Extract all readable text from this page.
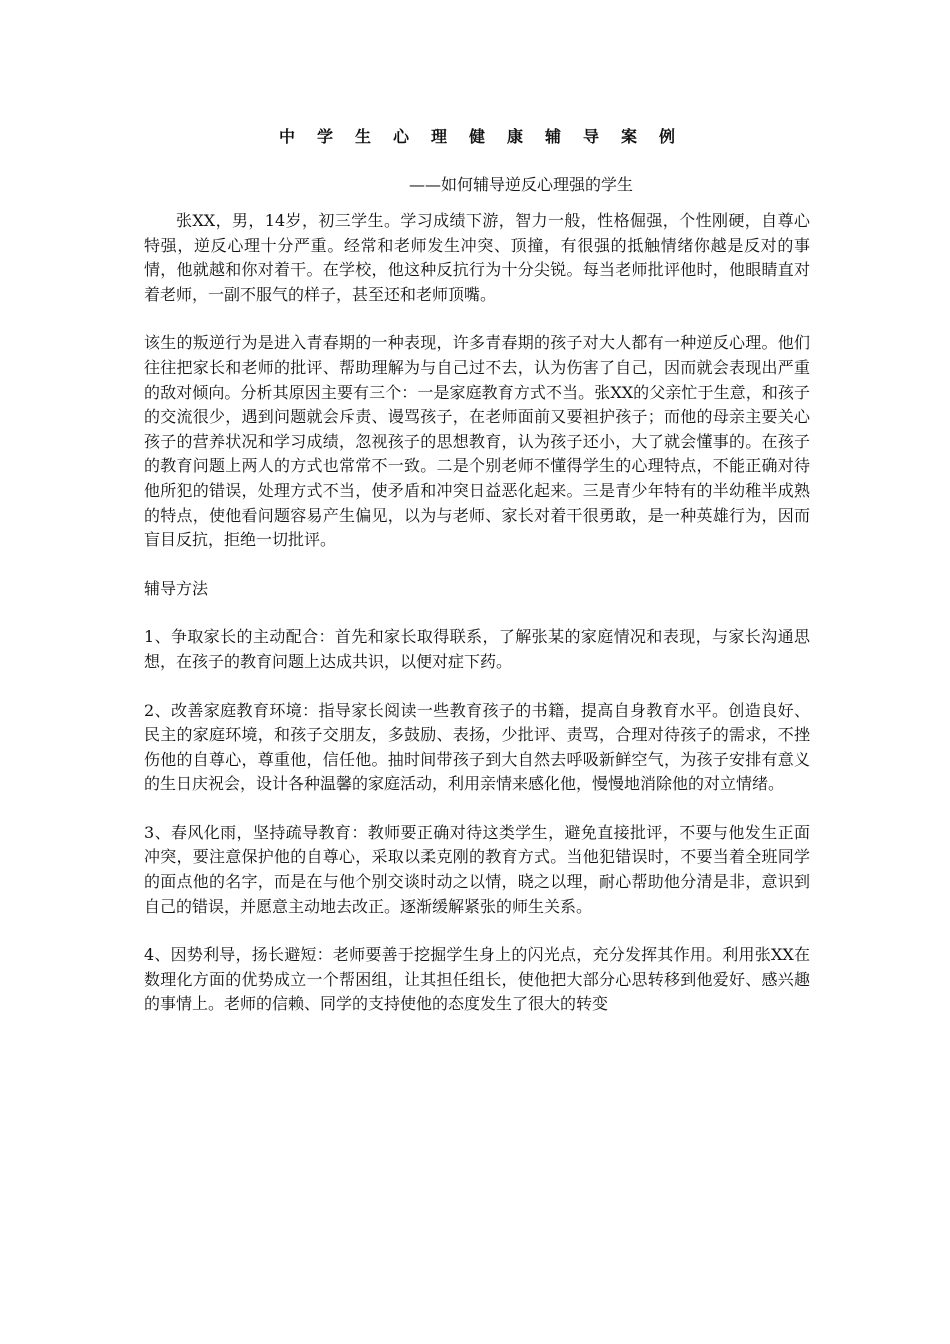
中学生心理健康辅导案例
——如何辅导逆反心理强的学生

张XX，男，14岁，初三学生。学习成绩下游，智力一般，性格倔强，个性刚硬，自尊心特强，逆反心理十分严重。经常和老师发生冲突、顶撞，有很强的抵触情绪你越是反对的事情，他就越和你对着干。在学校，他这种反抗行为十分尖锐。每当老师批评他时，他眼睛直对着老师，一副不服气的样子，甚至还和老师顶嘴。

该生的叛逆行为是进入青春期的一种表现，许多青春期的孩子对大人都有一种逆反心理。他们往往把家长和老师的批评、帮助理解为与自己过不去，认为伤害了自己，因而就会表现出严重的敌对倾向。分析其原因主要有三个：一是家庭教育方式不当。张XX的父亲忙于生意，和孩子的交流很少，遇到问题就会斥责、谩骂孩子，在老师面前又要袒护孩子；而他的母亲主要关心孩子的营养状况和学习成绩，忽视孩子的思想教育，认为孩子还小，大了就会懂事的。在孩子的教育问题上两人的方式也常常不一致。二是个别老师不懂得学生的心理特点，不能正确对待他所犯的错误，处理方式不当，使矛盾和冲突日益恶化起来。三是青少年特有的半幼稚半成熟的特点，使他看问题容易产生偏见，以为与老师、家长对着干很勇敢，是一种英雄行为，因而盲目反抗，拒绝一切批评。

辅导方法

1、争取家长的主动配合：首先和家长取得联系，了解张某的家庭情况和表现，与家长沟通思想，在孩子的教育问题上达成共识，以便对症下药。

2、改善家庭教育环境：指导家长阅读一些教育孩子的书籍，提高自身教育水平。创造良好、民主的家庭环境，和孩子交朋友，多鼓励、表扬，少批评、责骂，合理对待孩子的需求，不挫伤他的自尊心，尊重他，信任他。抽时间带孩子到大自然去呼吸新鲜空气，为孩子安排有意义的生日庆祝会，设计各种温馨的家庭活动，利用亲情来感化他，慢慢地消除他的对立情绪。

3、春风化雨，坚持疏导教育：教师要正确对待这类学生，避免直接批评，不要与他发生正面冲突，要注意保护他的自尊心，采取以柔克刚的教育方式。当他犯错误时，不要当着全班同学的面点他的名字，而是在与他个别交谈时动之以情，晓之以理，耐心帮助他分清是非，意识到自己的错误，并愿意主动地去改正。逐渐缓解紧张的师生关系。

4、因势利导，扬长避短：老师要善于挖掘学生身上的闪光点，充分发挥其作用。利用张XX在数理化方面的优势成立一个帮困组，让其担任组长，使他把大部分心思转移到他爱好、感兴趣的事情上。老师的信赖、同学的支持使他的态度发生了很大的转变
